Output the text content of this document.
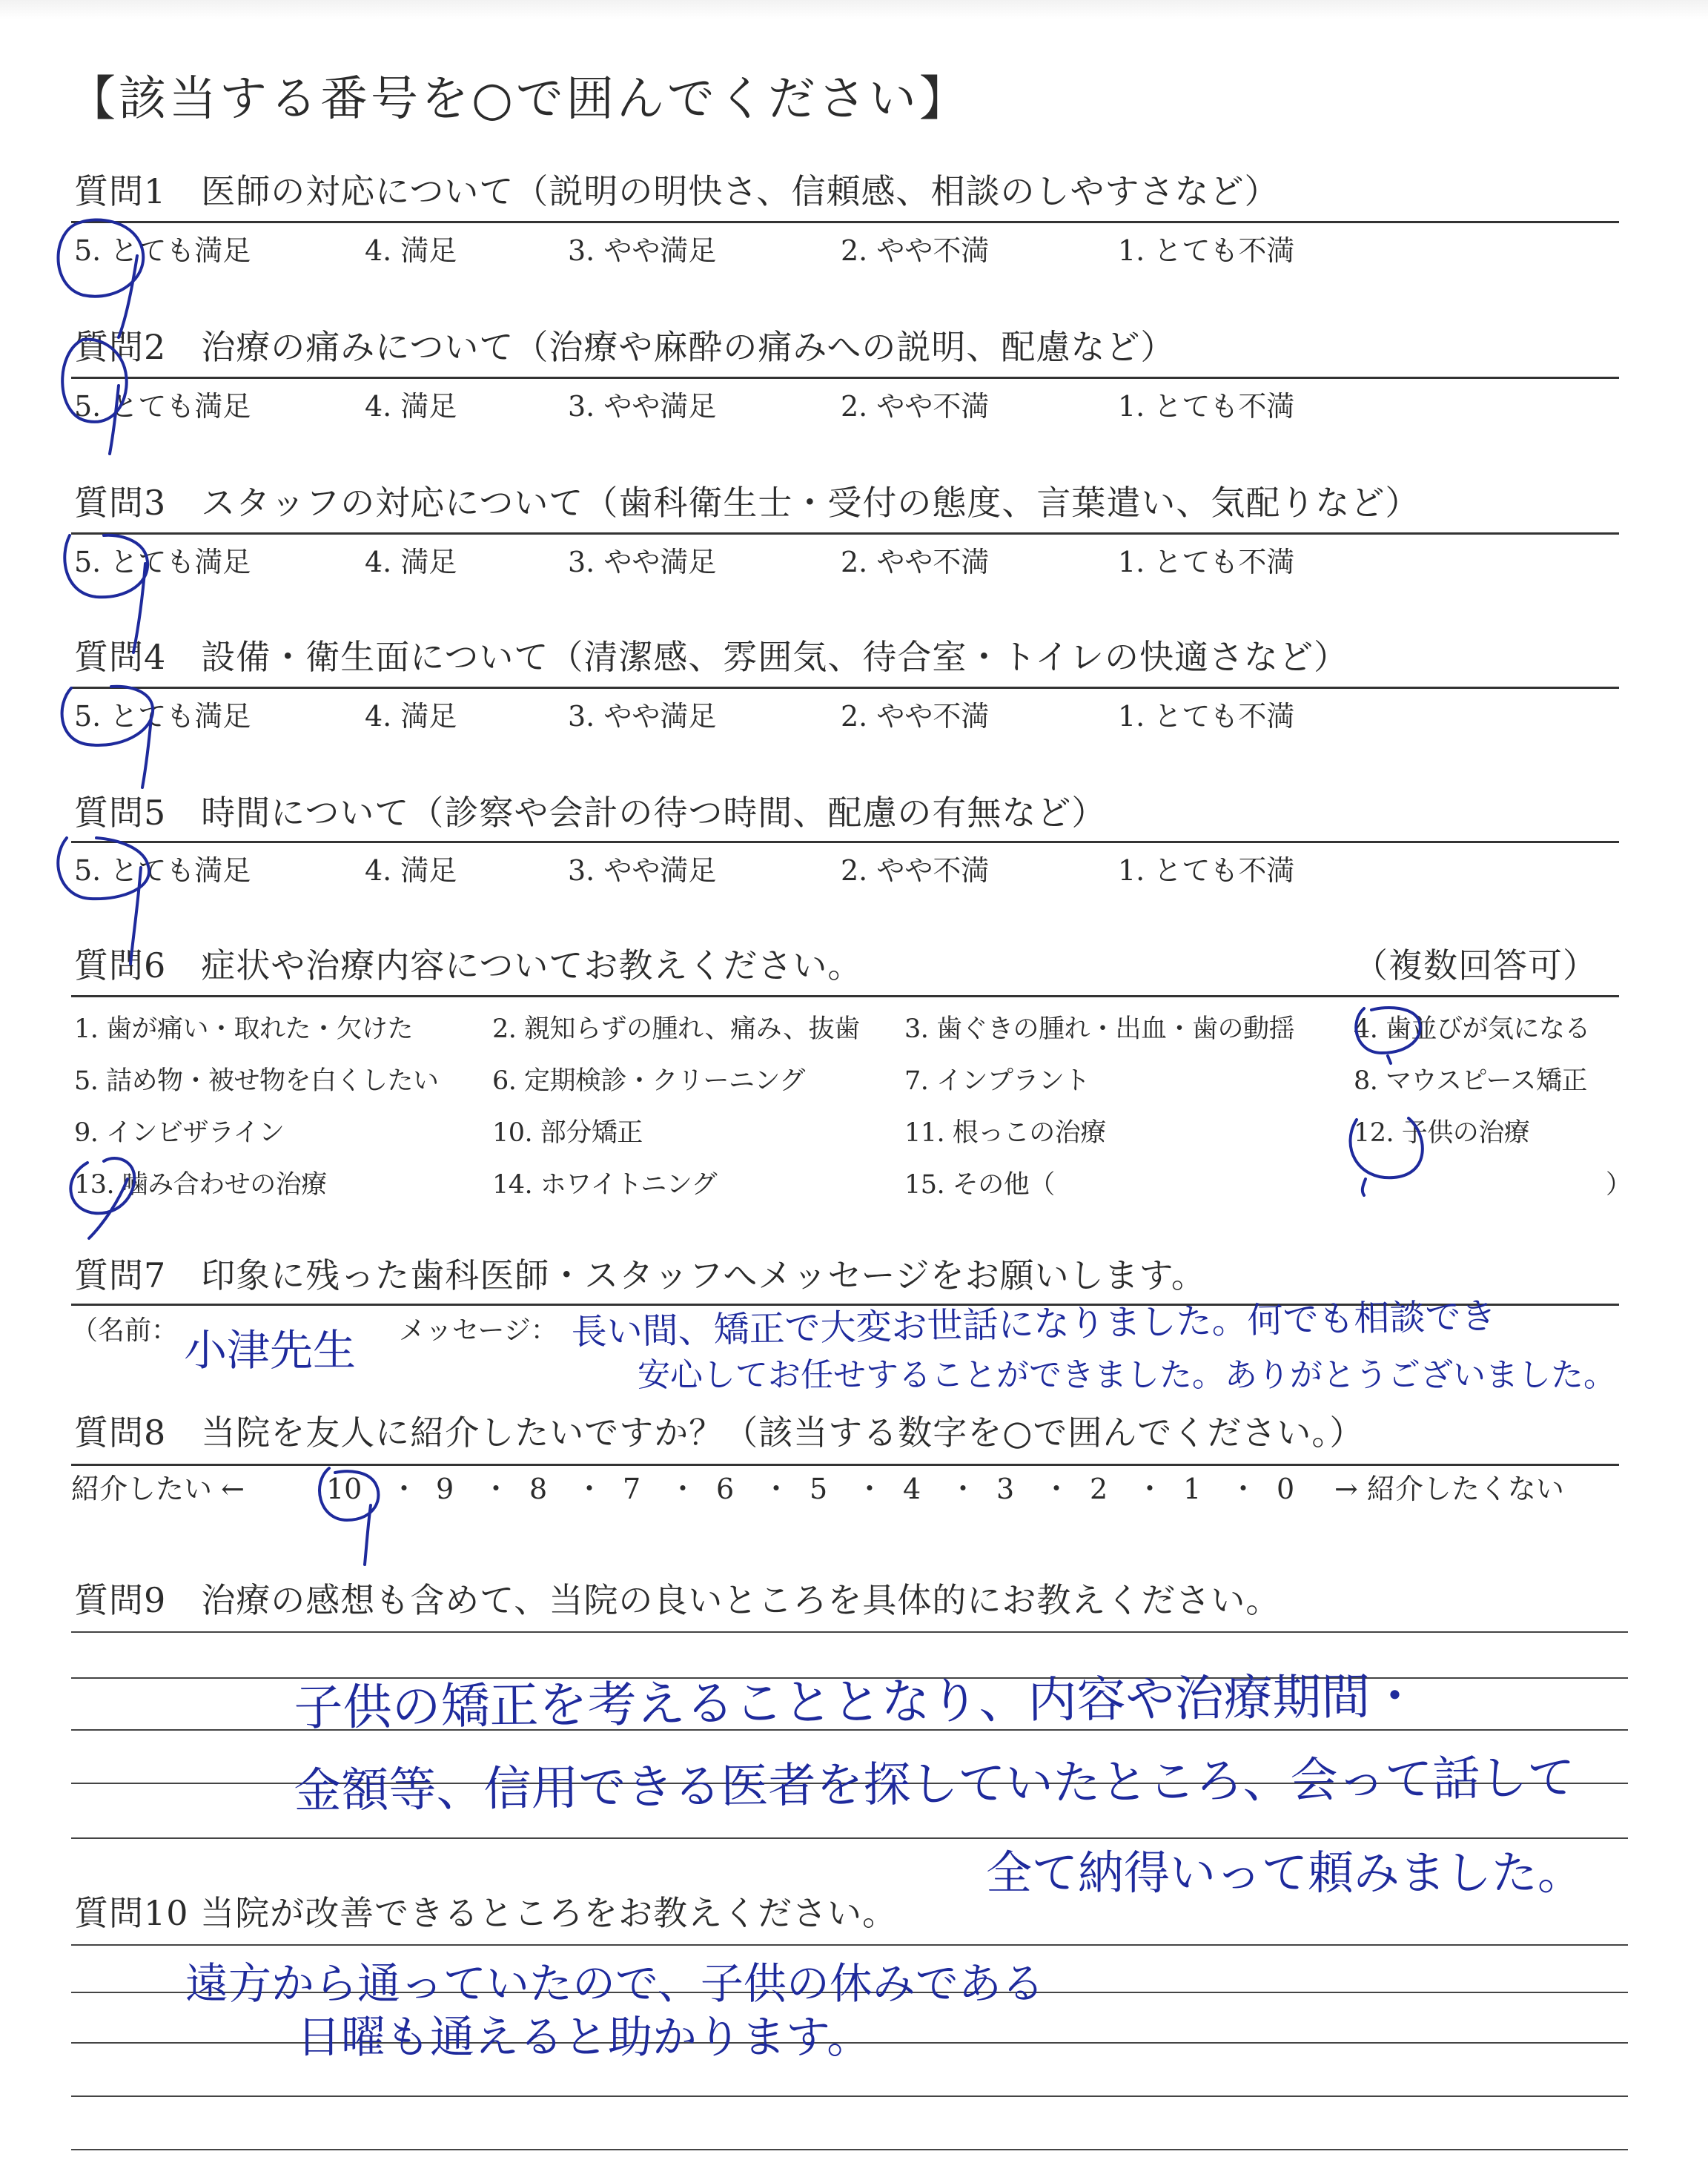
【該当する番号を○で囲んでください】
質問1　医師の対応について（説明の明快さ、信頼感、相談のしやすさなど）
5. とても満足	4. 満足	3. やや満足	2. やや不満	1. とても不満
質問2　治療の痛みについて（治療や麻酔の痛みへの説明、配慮など）
5. とても満足	4. 満足	3. やや満足	2. やや不満	1. とても不満
質問3　スタッフの対応について（歯科衛生士・受付の態度、言葉遣い、気配りなど）
5. とても満足	4. 満足	3. やや満足	2. やや不満	1. とても不満
質問4　設備・衛生面について（清潔感、雰囲気、待合室・トイレの快適さなど）
5. とても満足	4. 満足	3. やや満足	2. やや不満	1. とても不満
質問5　時間について（診察や会計の待つ時間、配慮の有無など）
5. とても満足	4. 満足	3. やや満足	2. やや不満	1. とても不満
質問6　症状や治療内容についてお教えください。	（複数回答可）
1. 歯が痛い・取れた・欠けた	2. 親知らずの腫れ、痛み、抜歯 3. 歯ぐきの腫れ・出血・歯の動揺 4. 歯並びが気になる
5. 詰め物・被せ物を白くしたい 6. 定期検診・クリーニング	7. インプラント	8. マウスピース矯正
9. インビザライン	10. 部分矯正	11. 根っこの治療	12. 子供の治療
13. 噛み合わせの治療	14. ホワイトニング	15. その他（	）
質問7　印象に残った歯科医師・スタッフへメッセージをお願いします。
（名前：	メッセージ：
小津先生	長い間、矯正で大変お世話になりました。何でも相談でき
安心してお任せすることができました。ありがとうございました。
質問8　当院を友人に紹介したいですか？（該当する数字を○で囲んでください。）
紹介したい ←	10 ・ 9 ・ 8 ・ 7 ・ 6 ・ 5 ・ 4 ・ 3 ・ 2 ・ 1 ・ 0 → 紹介したくない
質問9　治療の感想も含めて、当院の良いところを具体的にお教えください。
子供の矯正を考えることとなり、内容や治療期間・
金額等、信用できる医者を探していたところ、会って話して
全て納得いって頼みました。
質問10 当院が改善できるところをお教えください。
遠方から通っていたので、子供の休みである
日曜も通えると助かります。
